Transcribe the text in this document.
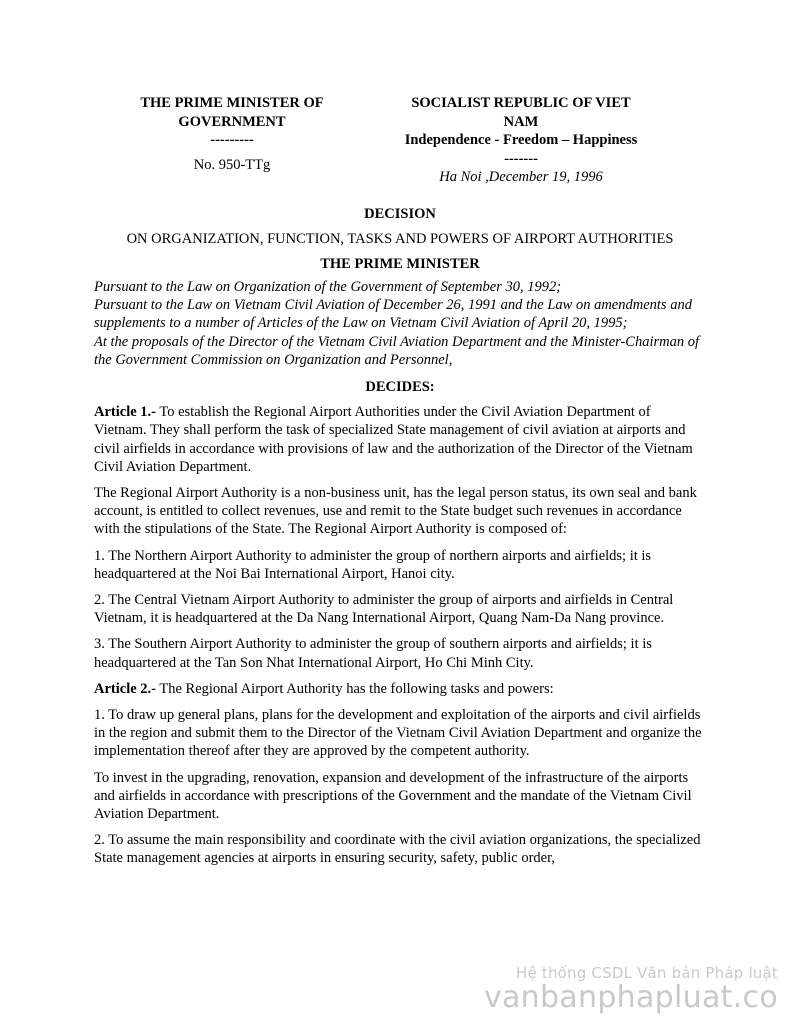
THE PRIME MINISTER OF
GOVERNMENT
---------
No. 950-TTg
SOCIALIST REPUBLIC OF VIET
NAM
Independence - Freedom – Happiness
-------
Ha Noi ,December 19, 1996
DECISION
ON ORGANIZATION, FUNCTION, TASKS AND POWERS OF AIRPORT AUTHORITIES
THE PRIME MINISTER

Pursuant to the Law on Organization of the Government of September 30, 1992;

Pursuant to the Law on Vietnam Civil Aviation of December 26, 1991 and the Law on amendments and supplements to a number of Articles of the Law on Vietnam Civil Aviation of April 20, 1995;

At the proposals of the Director of the Vietnam Civil Aviation Department and the Minister-Chairman of the Government Commission on Organization and Personnel,

DECIDES:

Article 1.- To establish the Regional Airport Authorities under the Civil Aviation Department of Vietnam. They shall perform the task of specialized State management of civil aviation at airports and civil airfields in accordance with provisions of law and the authorization of the Director of the Vietnam Civil Aviation Department.

The Regional Airport Authority is a non-business unit, has the legal person status, its own seal and bank account, is entitled to collect revenues, use and remit to the State budget such revenues in accordance with the stipulations of the State. The Regional Airport Authority is composed of:

1. The Northern Airport Authority to administer the group of northern airports and airfields; it is headquartered at the Noi Bai International Airport, Hanoi city.

2. The Central Vietnam Airport Authority to administer the group of airports and airfields in Central Vietnam, it is headquartered at the Da Nang International Airport, Quang Nam-Da Nang province.

3. The Southern Airport Authority to administer the group of southern airports and airfields; it is headquartered at the Tan Son Nhat International Airport, Ho Chi Minh City.

Article 2.- The Regional Airport Authority has the following tasks and powers:

1. To draw up general plans, plans for the development and exploitation of the airports and civil airfields in the region and submit them to the Director of the Vietnam Civil Aviation Department and organize the implementation thereof after they are approved by the competent authority.

To invest in the upgrading, renovation, expansion and development of the infrastructure of the airports and airfields in accordance with prescriptions of the Government and the mandate of the Vietnam Civil Aviation Department.

2. To assume the main responsibility and coordinate with the civil aviation organizations, the specialized State management agencies at airports in ensuring security, safety, public order,

Hệ thống CSDL Văn bản Pháp luật
vanbanphapluat.co
